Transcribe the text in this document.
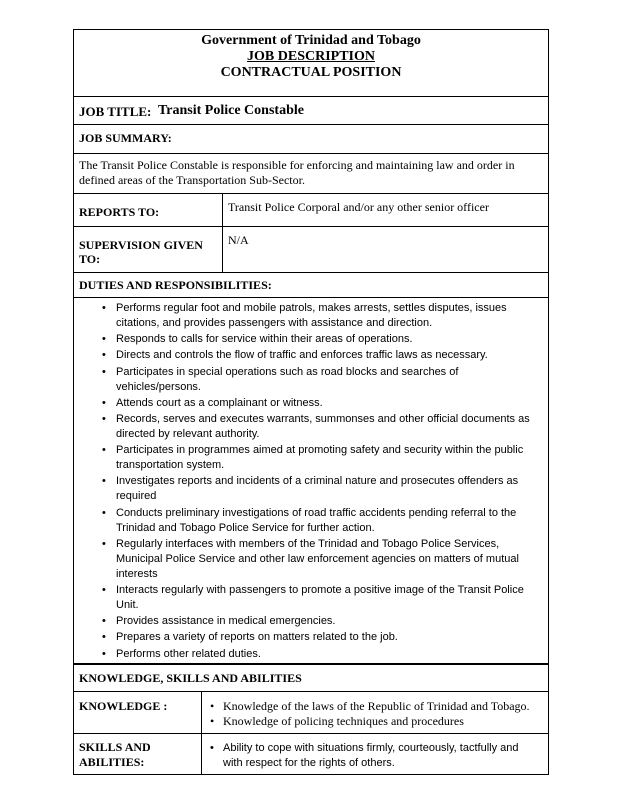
Government of Trinidad and Tobago
JOB DESCRIPTION
CONTRACTUAL POSITION
JOB TITLE: Transit Police Constable
JOB SUMMARY:
The Transit Police Constable is responsible for enforcing and maintaining law and order in
defined areas of the Transportation Sub-Sector.
REPORTS TO:	Transit Police Corporal and/or any other senior officer
SUPERVISION GIVEN
TO:
N/A
DUTIES AND RESPONSIBILITIES:
• Performs regular foot and mobile patrols, makes arrests, settles disputes, issues
citations, and provides passengers with assistance and direction.
• Responds to calls for service within their areas of operations.
• Directs and controls the flow of traffic and enforces traffic laws as necessary.
• Participates in special operations such as road blocks and searches of
vehicles/persons.
• Attends court as a complainant or witness.
• Records, serves and executes warrants, summonses and other official documents as
directed by relevant authority.
• Participates in programmes aimed at promoting safety and security within the public
transportation system.
• Investigates reports and incidents of a criminal nature and prosecutes offenders as
required
• Conducts preliminary investigations of road traffic accidents pending referral to the
Trinidad and Tobago Police Service for further action.
• Regularly interfaces with members of the Trinidad and Tobago Police Services,
Municipal Police Service and other law enforcement agencies on matters of mutual
interests
• Interacts regularly with passengers to promote a positive image of the Transit Police
Unit.
• Provides assistance in medical emergencies.
• Prepares a variety of reports on matters related to the job.
• Performs other related duties.
KNOWLEDGE, SKILLS AND ABILITIES
KNOWLEDGE :	• Knowledge of the laws of the Republic of Trinidad and Tobago.
• Knowledge of policing techniques and procedures
SKILLS AND
ABILITIES:
• Ability to cope with situations firmly, courteously, tactfully and
with respect for the rights of others.
